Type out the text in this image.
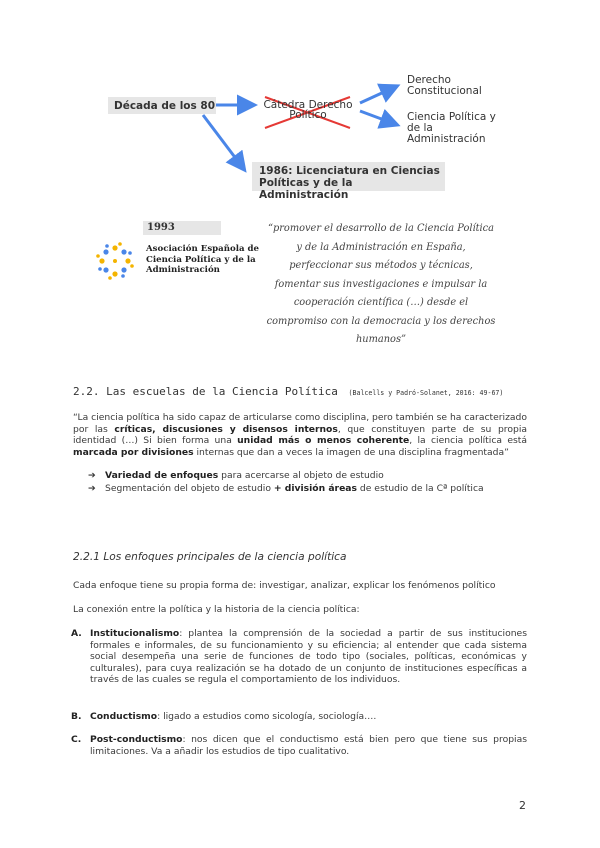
Década de los 80	Cátedra Derecho Político
Derecho Constitucional
Ciencia Política y de la Administración
1986: Licenciatura en Ciencias Políticas y de la Administración
1993
Asociación Española de Ciencia Política y de la Administración
“promover el desarrollo de la Ciencia Política y de la Administración en España, perfeccionar sus métodos y técnicas, fomentar sus investigaciones e impulsar la cooperación científica (…) desde el compromiso con la democracia y los derechos humanos”
2.2. Las escuelas de la Ciencia Política (Balcells y Padró-Solanet, 2016: 49-67)
“La ciencia política ha sido capaz de articularse como disciplina, pero también se ha caracterizado por las críticas, discusiones y disensos internos, que constituyen parte de su propia identidad (…) Si bien forma una unidad más o menos coherente, la ciencia política está marcada por divisiones internas que dan a veces la imagen de una disciplina fragmentada”
➔ Variedad de enfoques para acercarse al objeto de estudio
➔ Segmentación del objeto de estudio + división áreas de estudio de la Cª política
2.2.1 Los enfoques principales de la ciencia política
Cada enfoque tiene su propia forma de: investigar, analizar, explicar los fenómenos político
La conexión entre la política y la historia de la ciencia política:
A. Institucionalismo: plantea la comprensión de la sociedad a partir de sus instituciones formales e informales, de su funcionamiento y su eficiencia; al entender que cada sistema social desempeña una serie de funciones de todo tipo (sociales, políticas, económicas y culturales), para cuya realización se ha dotado de un conjunto de instituciones específicas a través de las cuales se regula el comportamiento de los individuos.
B. Conductismo: ligado a estudios como sicología, sociología….
C. Post-conductismo: nos dicen que el conductismo está bien pero que tiene sus propias limitaciones. Va a añadir los estudios de tipo cualitativo.
2
